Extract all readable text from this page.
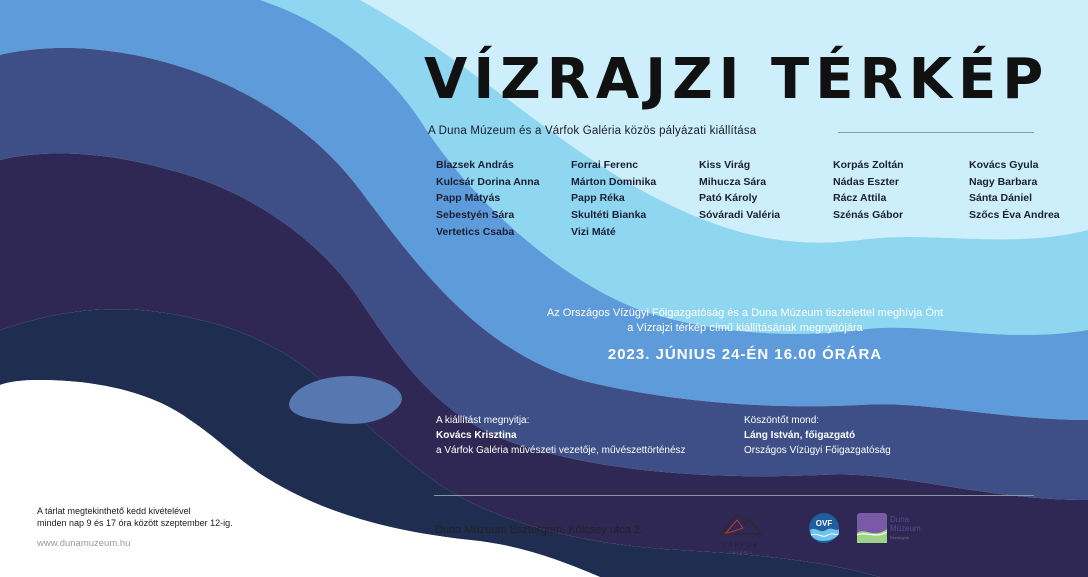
VÍZRAJZI TÉRKÉP
A Duna Múzeum és a Várfok Galéria közös pályázati kiállítása
Blazsek András
Kulcsár Dorina Anna
Papp Mátyás
Sebestyén Sára
Vertetics Csaba
Forrai Ferenc
Márton Dominika
Papp Réka
Skultéti Bianka
Vizi Máté
Kiss Virág
Mihucza Sára
Pató Károly
Sóváradi Valéria
Korpás Zoltán
Nádas Eszter
Rácz Attila
Szénás Gábor
Kovács Gyula
Nagy Barbara
Sánta Dániel
Szőcs Éva Andrea
Az Országos Vízügyi Főigazgatóság és a Duna Múzeum tisztelettel meghívja Önt
a Vízrajzi térkép című kiállításának megnyitójára
2023. JÚNIUS 24-ÉN 16.00 ÓRÁRA
A kiállítást megnyitja:
Kovács Krisztina
a Várfok Galéria művészeti vezetője, művészettörténész
Köszöntőt mond:
Láng István, főigazgató
Országos Vízügyi Főigazgatóság
Duna Múzeum Esztergom, Kölcsey utca 2.
A tárlat megtekinthető kedd kivételével
minden nap 9 és 17 óra között szeptember 12-ig.
www.dunamuzeum.hu	VÁRFOK
GALÉRIA
OVF	Duna
Múzeum
Esztergom
